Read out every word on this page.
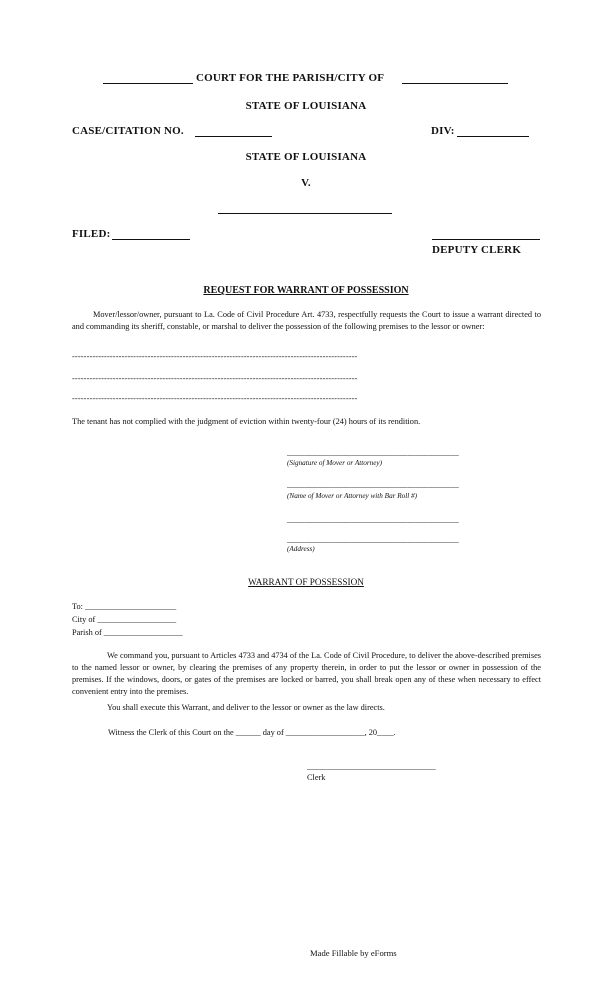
COURT FOR THE PARISH/CITY OF
STATE OF LOUISIANA
CASE/CITATION NO.	DIV:
STATE OF LOUISIANA
V.
FILED:
DEPUTY CLERK
REQUEST FOR WARRANT OF POSSESSION
Mover/lessor/owner, pursuant to La. Code of Civil Procedure Art. 4733, respectfully requests the Court to issue a warrant directed to and commanding its sheriff, constable, or marshal to deliver the possession of the following premises to the lessor or owner:
--------------------------------------------------------------------------------------------------
--------------------------------------------------------------------------------------------------
--------------------------------------------------------------------------------------------------
The tenant has not complied with the judgment of eviction within twenty-four (24) hours of its rendition.
________________________________________
(Signature of Mover or Attorney)
________________________________________
(Name of Mover or Attorney with Bar Roll #)
________________________________________
________________________________________
(Address)
WARRANT OF POSSESSION
To: ______________________
City of ___________________
Parish of ___________________
We command you, pursuant to Articles 4733 and 4734 of the La. Code of Civil Procedure, to deliver the above-described premises to the named lessor or owner, by clearing the premises of any property therein, in order to put the lessor or owner in possession of the premises. If the windows, doors, or gates of the premises are locked or barred, you shall break open any of these when necessary to effect convenient entry into the premises.
You shall execute this Warrant, and deliver to the lessor or owner as the law directs.
Witness the Clerk of this Court on the ______ day of ___________________, 20____.
_______________________________
Clerk
Made Fillable by eForms
